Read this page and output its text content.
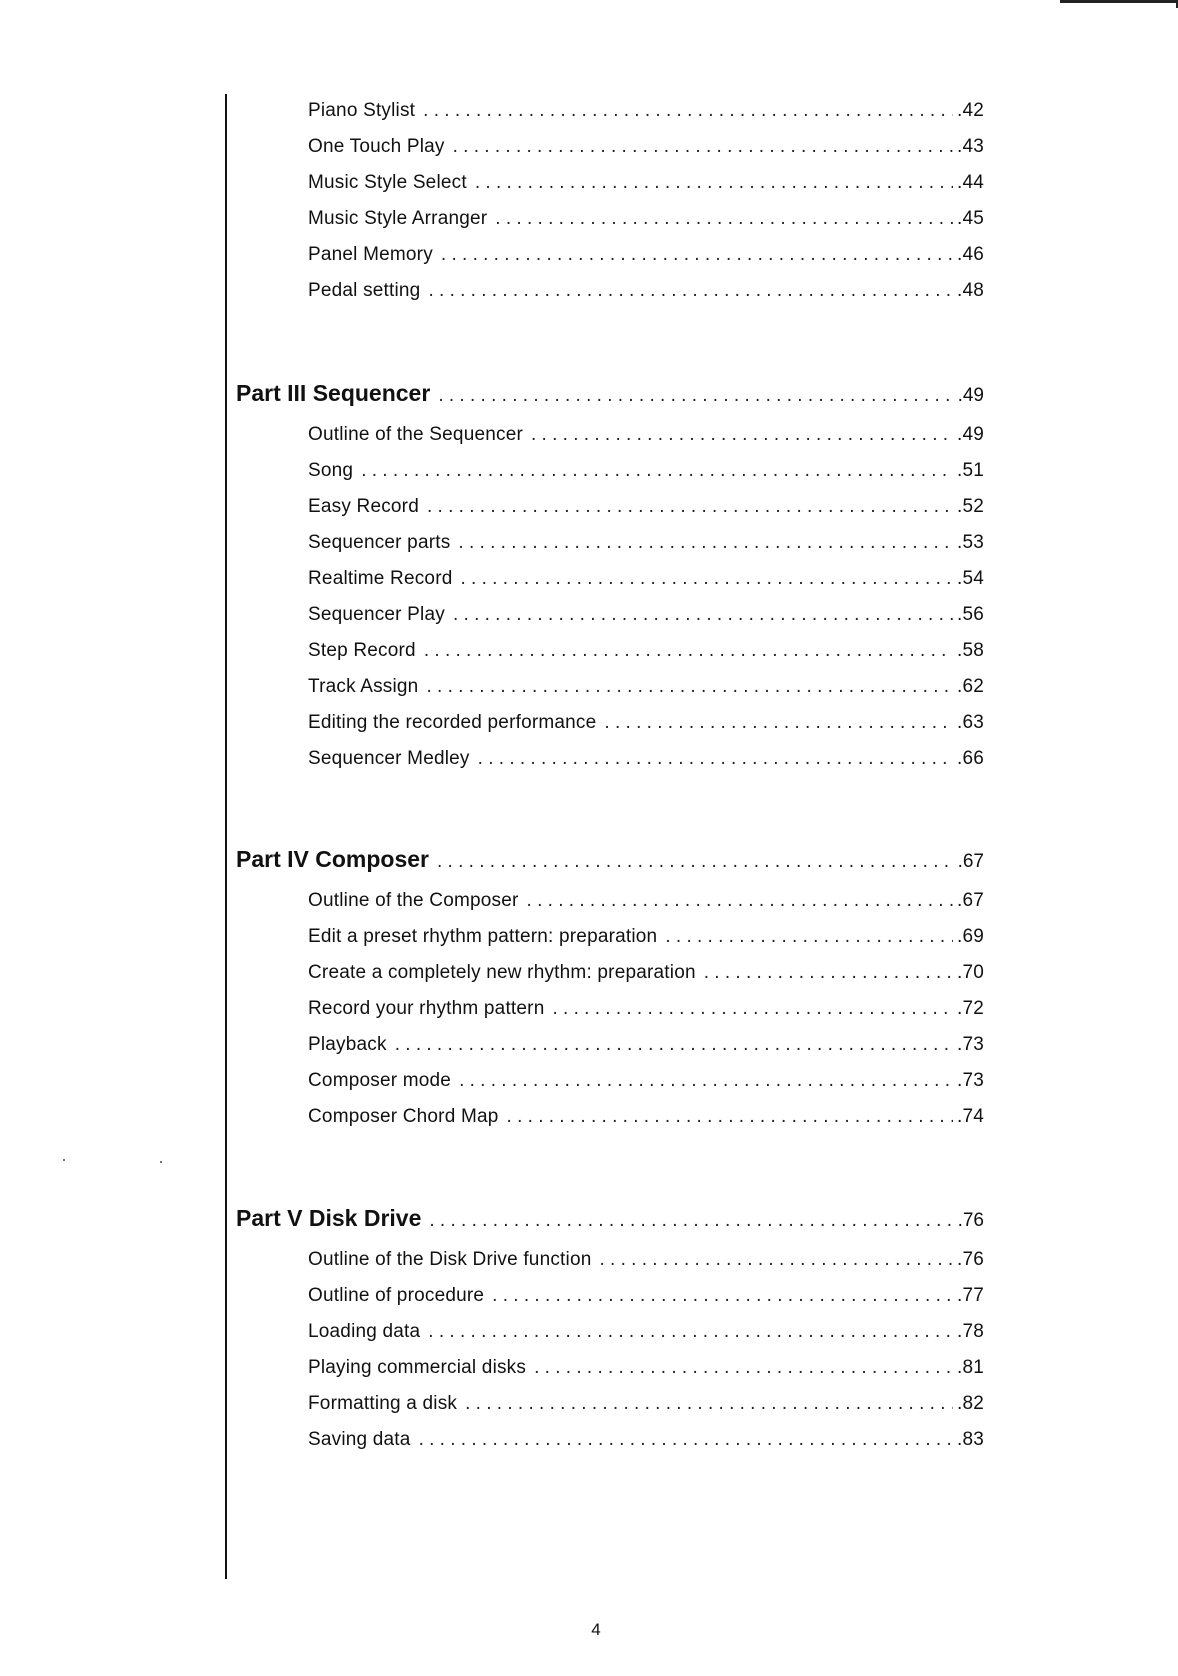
Piano Stylist . . .	.42
One Touch Play . . .	.43
Music Style Select . . .	.44
Music Style Arranger . . .	.45
Panel Memory . . .	.46
Pedal setting . . .	.48
Part III Sequencer . . .	.49
Outline of the Sequencer . . .	.49
Song . . .	.51
Easy Record . . .	.52
Sequencer parts . . .	.53
Realtime Record . . .	.54
Sequencer Play . . .	.56
Step Record . . .	.58
Track Assign . . .	.62
Editing the recorded performance . . .	.63
Sequencer Medley . . .	.66
Part IV Composer . . .	.67
Outline of the Composer . . .	.67
Edit a preset rhythm pattern: preparation . . .	.69
Create a completely new rhythm: preparation . . .	.70
Record your rhythm pattern . . .	.72
Playback . . .	.73
Composer mode . . .	.73
Composer Chord Map . . .	.74
Part V Disk Drive . . .	.76
Outline of the Disk Drive function . . .	.76
Outline of procedure . . .	.77
Loading data . . .	.78
Playing commercial disks . . .	.81
Formatting a disk . . .	.82
Saving data . . .	.83
4
